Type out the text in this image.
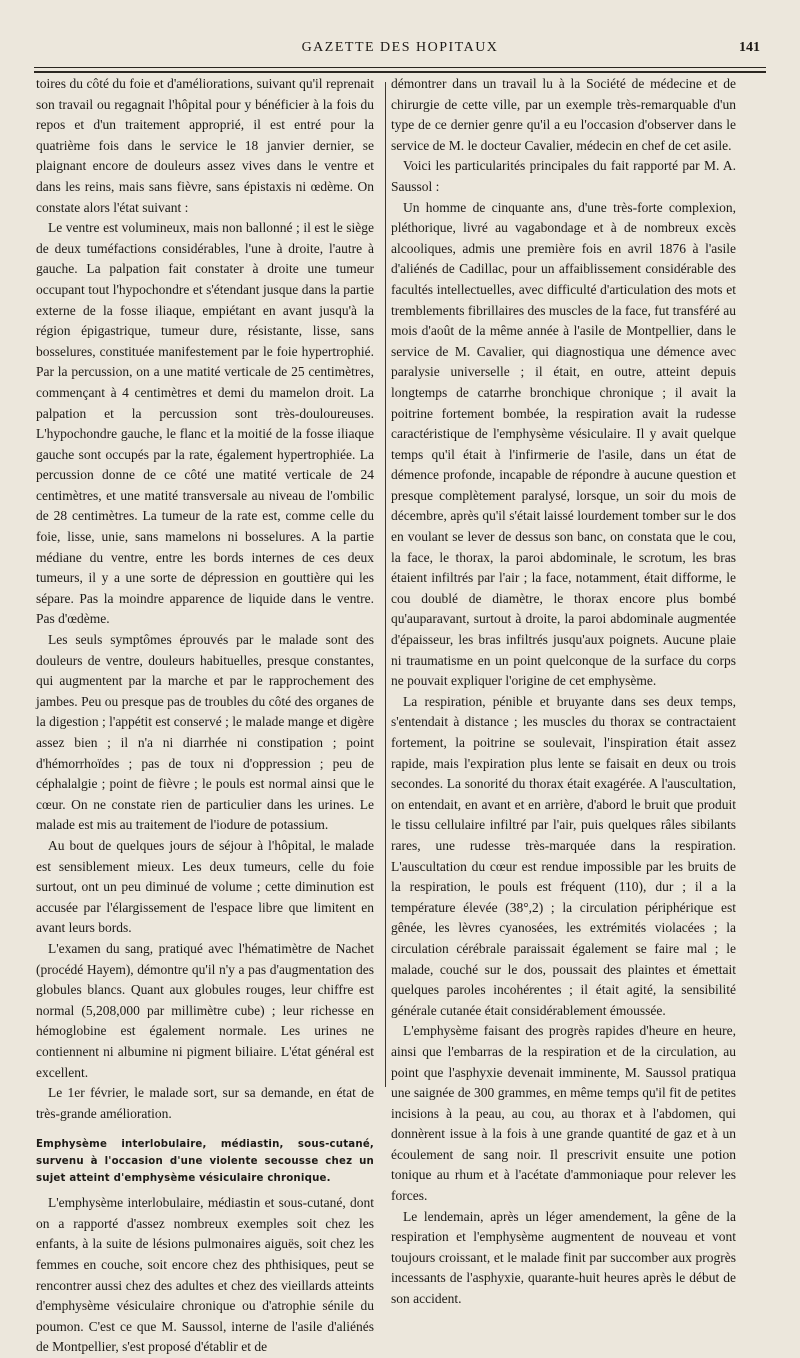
GAZETTE DES HOPITAUX	141

toires du côté du foie et d'améliorations, suivant qu'il reprenait son travail ou regagnait l'hôpital pour y bénéficier à la fois du repos et d'un traitement approprié, il est entré pour la quatrième fois dans le service le 18 janvier dernier, se plaignant encore de douleurs assez vives dans le ventre et dans les reins, mais sans fièvre, sans épistaxis ni œdème. On constate alors l'état suivant :

Le ventre est volumineux, mais non ballonné ; il est le siège de deux tuméfactions considérables, l'une à droite, l'autre à gauche. La palpation fait constater à droite une tumeur occupant tout l'hypochondre et s'étendant jusque dans la partie externe de la fosse iliaque, empiétant en avant jusqu'à la région épigastrique, tumeur dure, résistante, lisse, sans bosselures, constituée manifestement par le foie hypertrophié. Par la percussion, on a une matité verticale de 25 centimètres, commençant à 4 centimètres et demi du mamelon droit. La palpation et la percussion sont très-douloureuses. L'hypochondre gauche, le flanc et la moitié de la fosse iliaque gauche sont occupés par la rate, également hypertrophiée. La percussion donne de ce côté une matité verticale de 24 centimètres, et une matité transversale au niveau de l'ombilic de 28 centimètres. La tumeur de la rate est, comme celle du foie, lisse, unie, sans mamelons ni bosselures. A la partie médiane du ventre, entre les bords internes de ces deux tumeurs, il y a une sorte de dépression en gouttière qui les sépare. Pas la moindre apparence de liquide dans le ventre. Pas d'œdème.

Les seuls symptômes éprouvés par le malade sont des douleurs de ventre, douleurs habituelles, presque constantes, qui augmentent par la marche et par le rapprochement des jambes. Peu ou presque pas de troubles du côté des organes de la digestion ; l'appétit est conservé ; le malade mange et digère assez bien ; il n'a ni diarrhée ni constipation ; point d'hémorrhoïdes ; pas de toux ni d'oppression ; peu de céphalalgie ; point de fièvre ; le pouls est normal ainsi que le cœur. On ne constate rien de particulier dans les urines. Le malade est mis au traitement de l'iodure de potassium.

Au bout de quelques jours de séjour à l'hôpital, le malade est sensiblement mieux. Les deux tumeurs, celle du foie surtout, ont un peu diminué de volume ; cette diminution est accusée par l'élargissement de l'espace libre que limitent en avant leurs bords.

L'examen du sang, pratiqué avec l'hématimètre de Nachet (procédé Hayem), démontre qu'il n'y a pas d'augmentation des globules blancs. Quant aux globules rouges, leur chiffre est normal (5,208,000 par millimètre cube) ; leur richesse en hémoglobine est également normale. Les urines ne contiennent ni albumine ni pigment biliaire. L'état général est excellent.

Le 1er février, le malade sort, sur sa demande, en état de très-grande amélioration.

Emphysème interlobulaire, médiastin, sous-cutané, survenu à l'occasion d'une violente secousse chez un sujet atteint d'emphysème vésiculaire chronique.

L'emphysème interlobulaire, médiastin et sous-cutané, dont on a rapporté d'assez nombreux exemples soit chez les enfants, à la suite de lésions pulmonaires aiguës, soit chez les femmes en couche, soit encore chez des phthisiques, peut se rencontrer aussi chez des adultes et chez des vieillards atteints d'emphysème vésiculaire chronique ou d'atrophie sénile du poumon. C'est ce que M. Saussol, interne de l'asile d'aliénés de Montpellier, s'est proposé d'établir et de

démontrer dans un travail lu à la Société de médecine et de chirurgie de cette ville, par un exemple très-remarquable d'un type de ce dernier genre qu'il a eu l'occasion d'observer dans le service de M. le docteur Cavalier, médecin en chef de cet asile.

Voici les particularités principales du fait rapporté par M. A. Saussol :

Un homme de cinquante ans, d'une très-forte complexion, pléthorique, livré au vagabondage et à de nombreux excès alcooliques, admis une première fois en avril 1876 à l'asile d'aliénés de Cadillac, pour un affaiblissement considérable des facultés intellectuelles, avec difficulté d'articulation des mots et tremblements fibrillaires des muscles de la face, fut transféré au mois d'août de la même année à l'asile de Montpellier, dans le service de M. Cavalier, qui diagnostiqua une démence avec paralysie universelle ; il était, en outre, atteint depuis longtemps de catarrhe bronchique chronique ; il avait la poitrine fortement bombée, la respiration avait la rudesse caractéristique de l'emphysème vésiculaire. Il y avait quelque temps qu'il était à l'infirmerie de l'asile, dans un état de démence profonde, incapable de répondre à aucune question et presque complètement paralysé, lorsque, un soir du mois de décembre, après qu'il s'était laissé lourdement tomber sur le dos en voulant se lever de dessus son banc, on constata que le cou, la face, le thorax, la paroi abdominale, le scrotum, les bras étaient infiltrés par l'air ; la face, notamment, était difforme, le cou doublé de diamètre, le thorax encore plus bombé qu'auparavant, surtout à droite, la paroi abdominale augmentée d'épaisseur, les bras infiltrés jusqu'aux poignets. Aucune plaie ni traumatisme en un point quelconque de la surface du corps ne pouvait expliquer l'origine de cet emphysème.

La respiration, pénible et bruyante dans ses deux temps, s'entendait à distance ; les muscles du thorax se contractaient fortement, la poitrine se soulevait, l'inspiration était assez rapide, mais l'expiration plus lente se faisait en deux ou trois secondes. La sonorité du thorax était exagérée. A l'auscultation, on entendait, en avant et en arrière, d'abord le bruit que produit le tissu cellulaire infiltré par l'air, puis quelques râles sibilants rares, une rudesse très-marquée dans la respiration. L'auscultation du cœur est rendue impossible par les bruits de la respiration, le pouls est fréquent (110), dur ; il a la température élevée (38°,2) ; la circulation périphérique est gênée, les lèvres cyanosées, les extrémités violacées ; la circulation cérébrale paraissait également se faire mal ; le malade, couché sur le dos, poussait des plaintes et émettait quelques paroles incohérentes ; il était agité, la sensibilité générale cutanée était considérablement émoussée.

L'emphysème faisant des progrès rapides d'heure en heure, ainsi que l'embarras de la respiration et de la circulation, au point que l'asphyxie devenait imminente, M. Saussol pratiqua une saignée de 300 grammes, en même temps qu'il fit de petites incisions à la peau, au cou, au thorax et à l'abdomen, qui donnèrent issue à la fois à une grande quantité de gaz et à un écoulement de sang noir. Il prescrivit ensuite une potion tonique au rhum et à l'acétate d'ammoniaque pour relever les forces.

Le lendemain, après un léger amendement, la gêne de la respiration et l'emphysème augmentent de nouveau et vont toujours croissant, et le malade finit par succomber aux progrès incessants de l'asphyxie, quarante-huit heures après le début de son accident.
